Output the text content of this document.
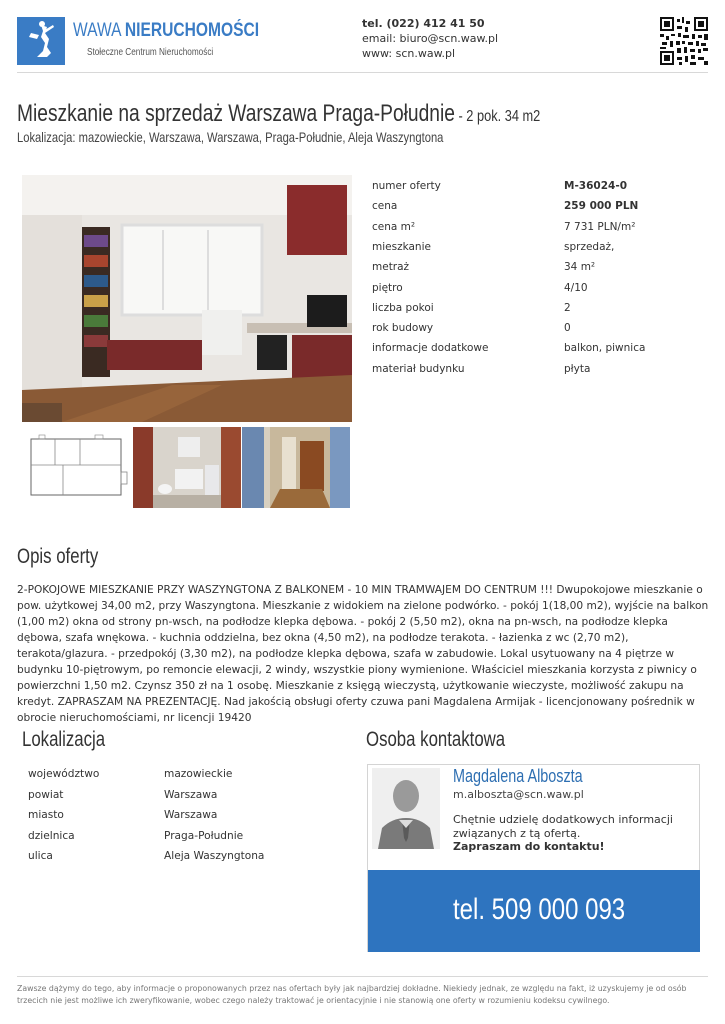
WAWA NIERUCHOMOŚCI
Stołeczne Centrum Nieruchomości
tel. (022) 412 41 50
email: biuro@scn.waw.pl
www: scn.waw.pl
Mieszkanie na sprzedaż Warszawa Praga-Południe - 2 pok. 34 m2
Lokalizacja: mazowieckie, Warszawa, Warszawa, Praga-Południe, Aleja Waszyngtona
numer oferty	M-36024-0
cena	259 000 PLN
cena m²	7 731 PLN/m²
mieszkanie	sprzedaż,
metraż	34 m²
piętro	4/10
liczba pokoi	2
rok budowy	0
informacje dodatkowe	balkon, piwnica
materiał budynku	płyta
Opis oferty
2-POKOJOWE MIESZKANIE PRZY WASZYNGTONA Z BALKONEM - 10 MIN TRAMWAJEM DO CENTRUM !!! Dwupokojowe mieszkanie o pow. użytkowej 34,00 m2, przy Waszyngtona. Mieszkanie z widokiem na zielone podwórko. - pokój 1(18,00 m2), wyjście na balkon (1,00 m2) okna od strony pn-wsch, na podłodze klepka dębowa. - pokój 2 (5,50 m2), okna na pn-wsch, na podłodze klepka dębowa, szafa wnękowa. - kuchnia oddzielna, bez okna (4,50 m2), na podłodze terakota. - łazienka z wc (2,70 m2), terakota/glazura. - przedpokój (3,30 m2), na podłodze klepka dębowa, szafa w zabudowie. Lokal usytuowany na 4 piętrze w budynku 10-piętrowym, po remoncie elewacji, 2 windy, wszystkie piony wymienione. Właściciel mieszkania korzysta z piwnicy o powierzchni 1,50 m2. Czynsz 350 zł na 1 osobę. Mieszkanie z księgą wieczystą, użytkowanie wieczyste, możliwość zakupu na kredyt. ZAPRASZAM NA PREZENTACJĘ. Nad jakością obsługi oferty czuwa pani Magdalena Armijak - licencjonowany pośrednik w obrocie nieruchomościami, nr licencji 19420
Lokalizacja
województwo	mazowieckie
powiat	Warszawa
miasto	Warszawa
dzielnica	Praga-Południe
ulica	Aleja Waszyngtona
Osoba kontaktowa
Magdalena Alboszta
m.alboszta@scn.waw.pl
Chętnie udzielę dodatkowych informacji związanych z tą ofertą.
Zapraszam do kontaktu!
tel. 509 000 093
Zawsze dążymy do tego, aby informacje o proponowanych przez nas ofertach były jak najbardziej dokładne. Niekiedy jednak, ze względu na fakt, iż uzyskujemy je od osób trzecich nie jest możliwe ich zweryfikowanie, wobec czego należy traktować je orientacyjnie i nie stanowią one oferty w rozumieniu kodeksu cywilnego.
